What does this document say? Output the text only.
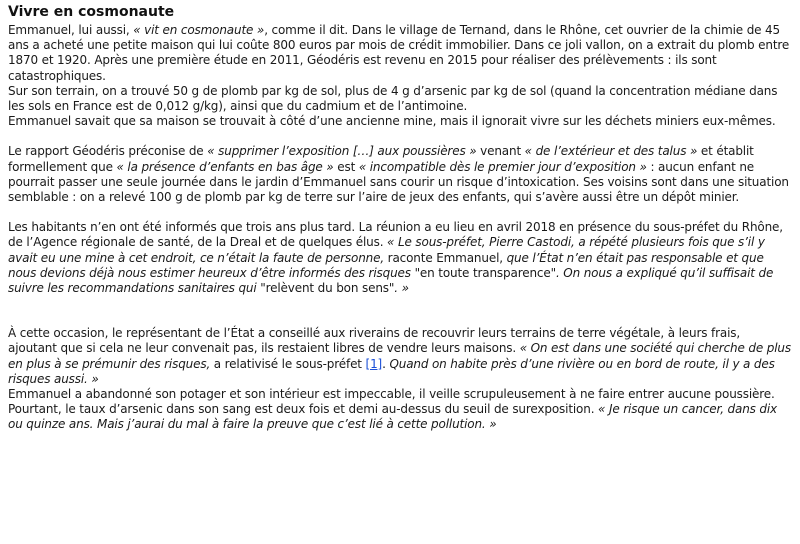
Vivre en cosmonaute

Emmanuel, lui aussi, « vit en cosmonaute », comme il dit. Dans le village de Ternand, dans le Rhône, cet ouvrier de la chimie de 45 ans a acheté une petite maison qui lui coûte 800 euros par mois de crédit immobilier. Dans ce joli vallon, on a extrait du plomb entre 1870 et 1920. Après une première étude en 2011, Géodéris est revenu en 2015 pour réaliser des prélèvements : ils sont catastrophiques.
Sur son terrain, on a trouvé 50 g de plomb par kg de sol, plus de 4 g d’arsenic par kg de sol (quand la concentration médiane dans les sols en France est de 0,012 g/kg), ainsi que du cadmium et de l’antimoine.
Emmanuel savait que sa maison se trouvait à côté d’une ancienne mine, mais il ignorait vivre sur les déchets miniers eux-mêmes.

Le rapport Géodéris préconise de « supprimer l’exposition […] aux poussières » venant « de l’extérieur et des talus » et établit formellement que « la présence d’enfants en bas âge » est « incompatible dès le premier jour d’exposition » : aucun enfant ne pourrait passer une seule journée dans le jardin d’Emmanuel sans courir un risque d’intoxication. Ses voisins sont dans une situation semblable : on a relevé 100 g de plomb par kg de terre sur l’aire de jeux des enfants, qui s’avère aussi être un dépôt minier.

Les habitants n’en ont été informés que trois ans plus tard. La réunion a eu lieu en avril 2018 en présence du sous-préfet du Rhône, de l’Agence régionale de santé, de la Dreal et de quelques élus. « Le sous-préfet, Pierre Castodi, a répété plusieurs fois que s’il y avait eu une mine à cet endroit, ce n’était la faute de personne, raconte Emmanuel, que l’État n’en était pas responsable et que nous devions déjà nous estimer heureux d’être informés des risques "en toute transparence". On nous a expliqué qu’il suffisait de suivre les recommandations sanitaires qui "relèvent du bon sens". »

À cette occasion, le représentant de l’État a conseillé aux riverains de recouvrir leurs terrains de terre végétale, à leurs frais, ajoutant que si cela ne leur convenait pas, ils restaient libres de vendre leurs maisons. « On est dans une société qui cherche de plus en plus à se prémunir des risques, a relativisé le sous-préfet [1]. Quand on habite près d’une rivière ou en bord de route, il y a des risques aussi. »
Emmanuel a abandonné son potager et son intérieur est impeccable, il veille scrupuleusement à ne faire entrer aucune poussière. Pourtant, le taux d’arsenic dans son sang est deux fois et demi au-dessus du seuil de surexposition. « Je risque un cancer, dans dix ou quinze ans. Mais j’aurai du mal à faire la preuve que c’est lié à cette pollution. »
